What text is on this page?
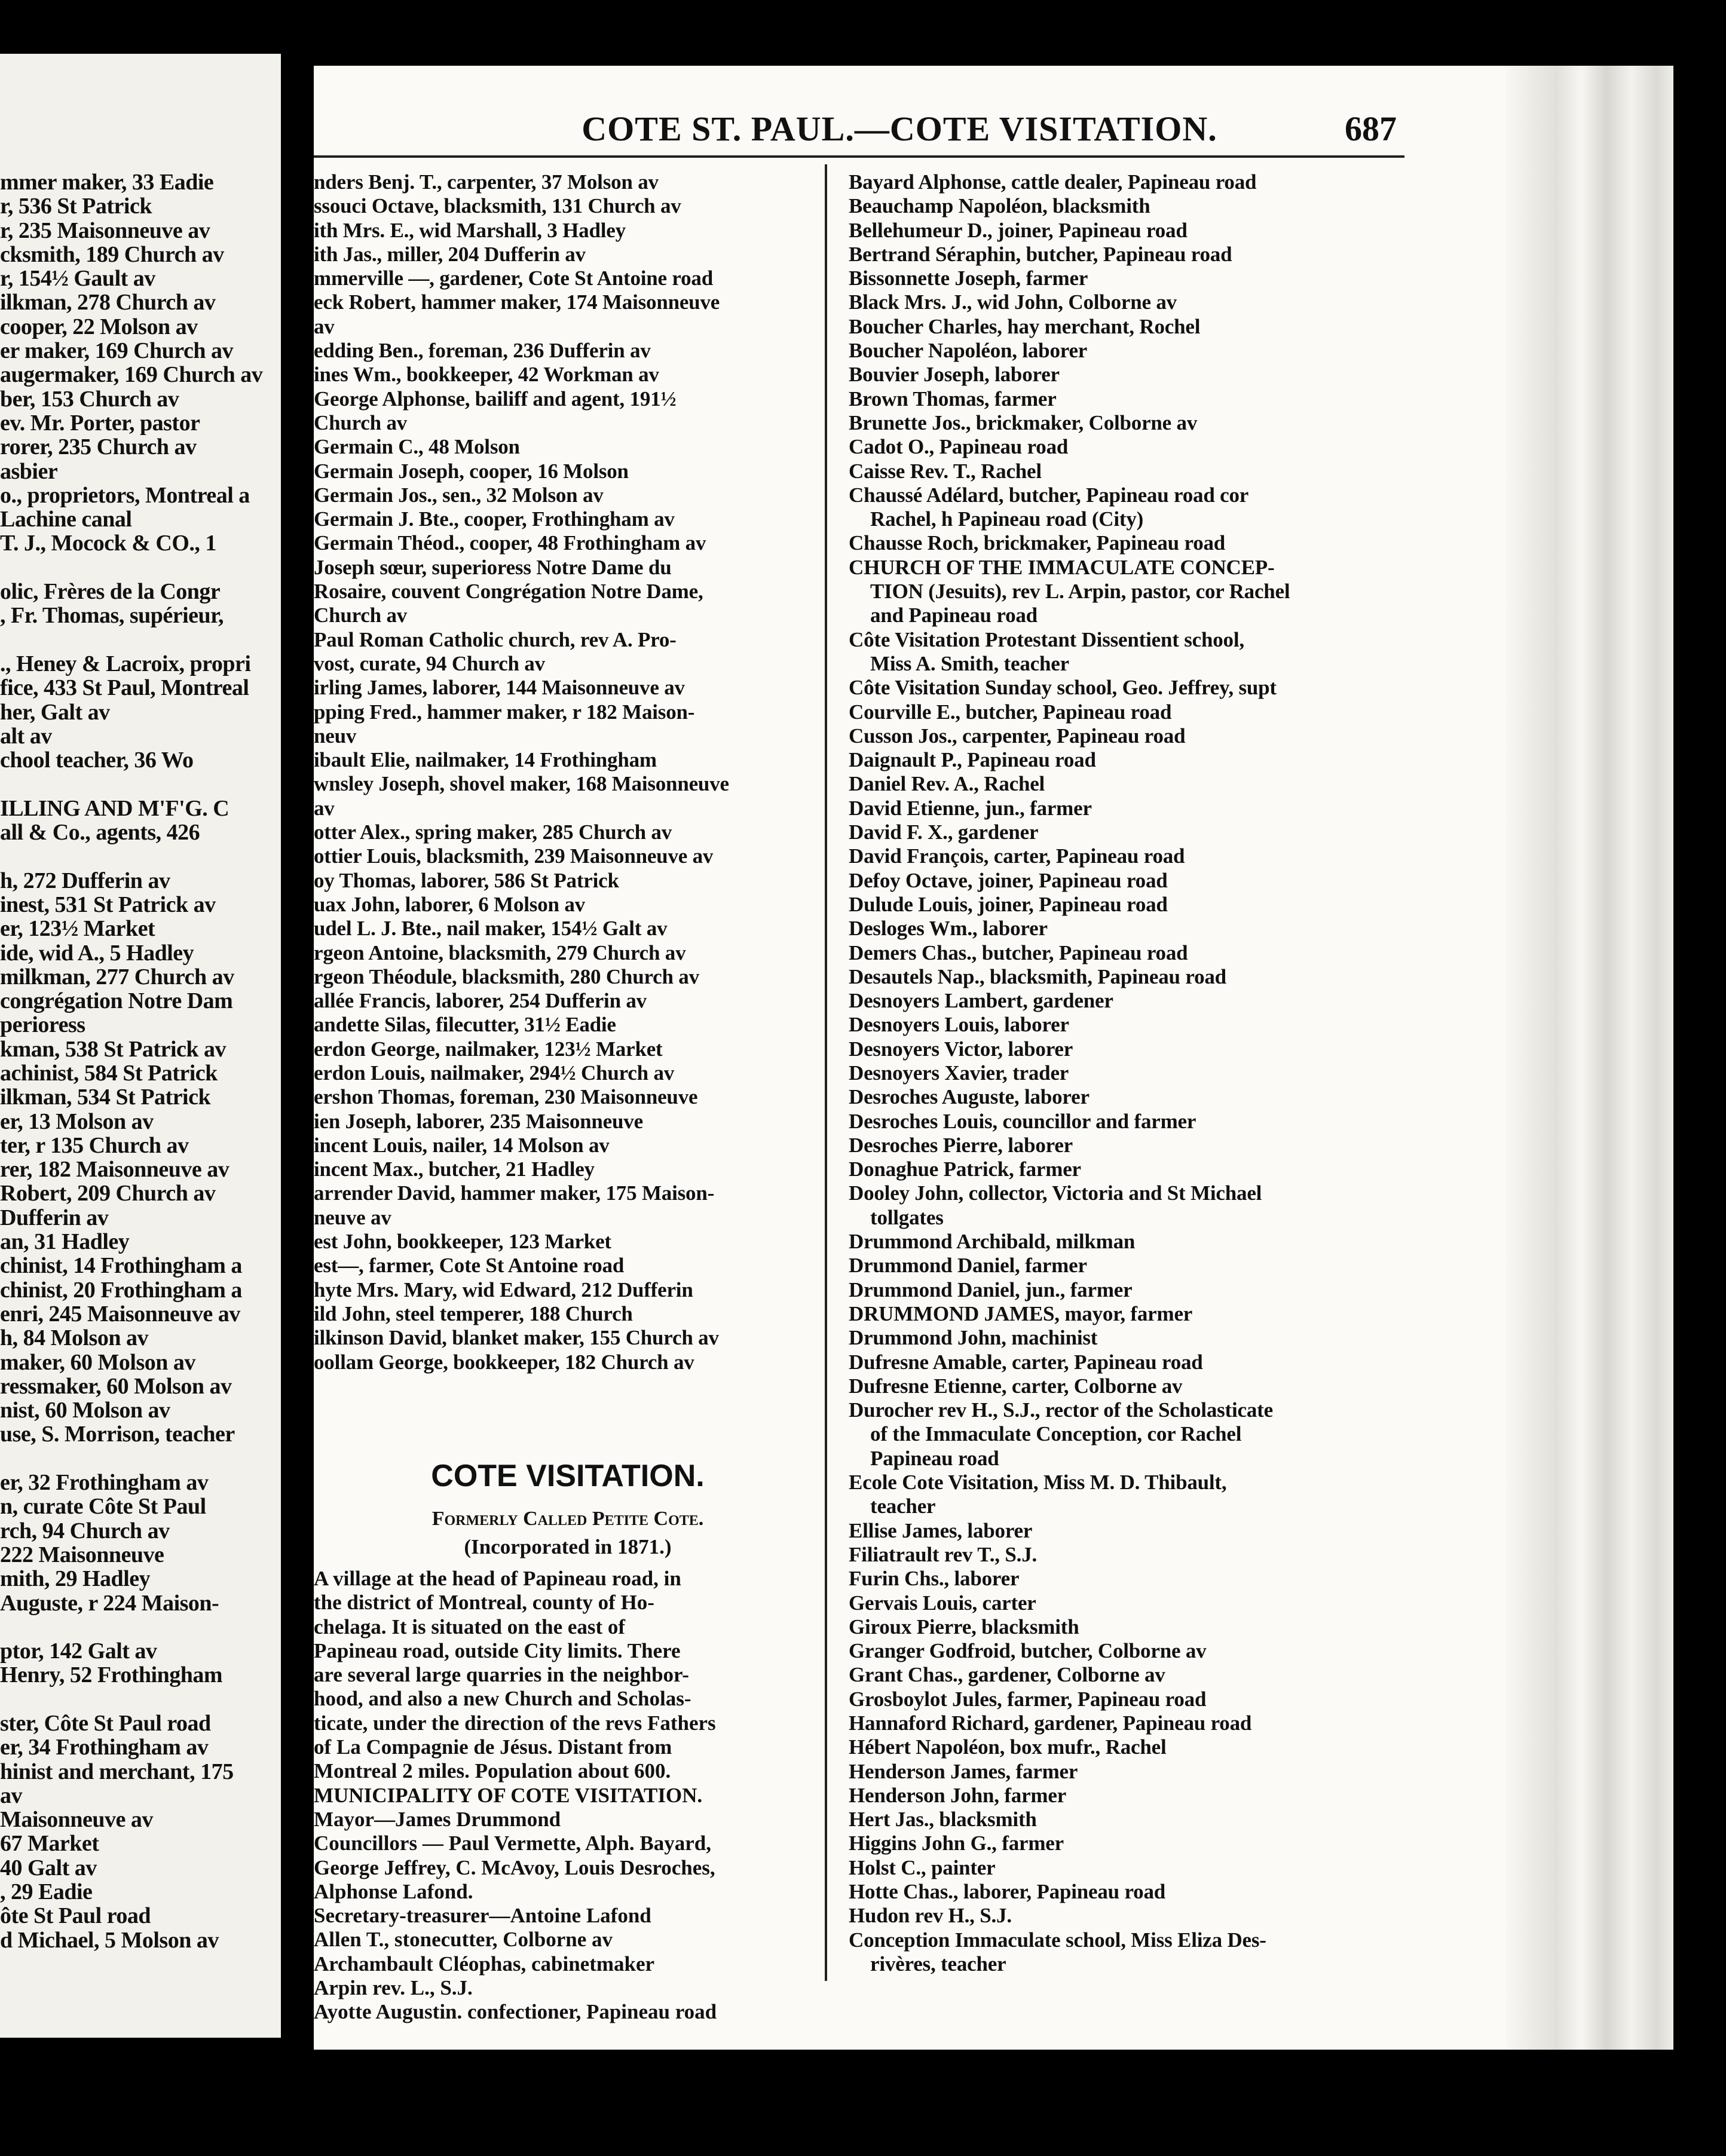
mmer maker, 33 Eadie
r, 536 St Patrick
r, 235 Maisonneuve av
cksmith, 189 Church av
r, 154½ Gault av
ilkman, 278 Church av
cooper, 22 Molson av
er maker, 169 Church av
augermaker, 169 Church av
ber, 153 Church av
ev. Mr. Porter, pastor
rorer, 235 Church av
asbier
o., proprietors, Montreal a
Lachine canal
T. J., Mocock & CO., 1
olic, Frères de la Congr
, Fr. Thomas, supérieur,
., Heney & Lacroix, propri
fice, 433 St Paul, Montreal
her, Galt av
alt av
chool teacher, 36 Wo
ILLING AND M'F'G. C
all & Co., agents, 426
h, 272 Dufferin av
inest, 531 St Patrick av
er, 123½ Market
ide, wid A., 5 Hadley
milkman, 277 Church av
congrégation Notre Dam
perioress
kman, 538 St Patrick av
achinist, 584 St Patrick
ilkman, 534 St Patrick
er, 13 Molson av
ter, r 135 Church av
rer, 182 Maisonneuve av
Robert, 209 Church av
Dufferin av
an, 31 Hadley
chinist, 14 Frothingham a
chinist, 20 Frothingham a
enri, 245 Maisonneuve av
h, 84 Molson av
maker, 60 Molson av
ressmaker, 60 Molson av
nist, 60 Molson av
use, S. Morrison, teacher
er, 32 Frothingham av
n, curate Côte St Paul
rch, 94 Church av
222 Maisonneuve
mith, 29 Hadley
Auguste, r 224 Maison-
ptor, 142 Galt av
Henry, 52 Frothingham
ster, Côte St Paul road
er, 34 Frothingham av
hinist and merchant, 175
av
Maisonneuve av
67 Market
40 Galt av
, 29 Eadie
ôte St Paul road
d Michael, 5 Molson av
COTE ST. PAUL.—COTE VISITATION.	687
nders Benj. T., carpenter, 37 Molson av
ssouci Octave, blacksmith, 131 Church av
ith Mrs. E., wid Marshall, 3 Hadley
ith Jas., miller, 204 Dufferin av
mmerville —, gardener, Cote St Antoine road
eck Robert, hammer maker, 174 Maisonneuve
av
edding Ben., foreman, 236 Dufferin av
ines Wm., bookkeeper, 42 Workman av
George Alphonse, bailiff and agent, 191½
Church av
Germain C., 48 Molson
Germain Joseph, cooper, 16 Molson
Germain Jos., sen., 32 Molson av
Germain J. Bte., cooper, Frothingham av
Germain Théod., cooper, 48 Frothingham av
Joseph sœur, superioress Notre Dame du
Rosaire, couvent Congrégation Notre Dame,
Church av
Paul Roman Catholic church, rev A. Pro-
vost, curate, 94 Church av
irling James, laborer, 144 Maisonneuve av
pping Fred., hammer maker, r 182 Maison-
neuv
ibault Elie, nailmaker, 14 Frothingham
wnsley Joseph, shovel maker, 168 Maisonneuve
av
otter Alex., spring maker, 285 Church av
ottier Louis, blacksmith, 239 Maisonneuve av
oy Thomas, laborer, 586 St Patrick
uax John, laborer, 6 Molson av
udel L. J. Bte., nail maker, 154½ Galt av
rgeon Antoine, blacksmith, 279 Church av
rgeon Théodule, blacksmith, 280 Church av
allée Francis, laborer, 254 Dufferin av
andette Silas, filecutter, 31½ Eadie
erdon George, nailmaker, 123½ Market
erdon Louis, nailmaker, 294½ Church av
ershon Thomas, foreman, 230 Maisonneuve
ien Joseph, laborer, 235 Maisonneuve
incent Louis, nailer, 14 Molson av
incent Max., butcher, 21 Hadley
arrender David, hammer maker, 175 Maison-
neuve av
est John, bookkeeper, 123 Market
est—, farmer, Cote St Antoine road
hyte Mrs. Mary, wid Edward, 212 Dufferin
ild John, steel temperer, 188 Church
ilkinson David, blanket maker, 155 Church av
oollam George, bookkeeper, 182 Church av
COTE VISITATION.
Formerly Called Petite Cote.
(Incorporated in 1871.)
A village at the head of Papineau road, in
the district of Montreal, county of Ho-
chelaga. It is situated on the east of
Papineau road, outside City limits. There
are several large quarries in the neighbor-
hood, and also a new Church and Scholas-
ticate, under the direction of the revs Fathers
of La Compagnie de Jésus. Distant from
Montreal 2 miles. Population about 600.
MUNICIPALITY OF COTE VISITATION.
Mayor—James Drummond
Councillors — Paul Vermette, Alph. Bayard,
George Jeffrey, C. McAvoy, Louis Desroches,
Alphonse Lafond.
Secretary-treasurer—Antoine Lafond
Allen T., stonecutter, Colborne av
Archambault Cléophas, cabinetmaker
Arpin rev. L., S.J.
Ayotte Augustin. confectioner, Papineau road
Bayard Alphonse, cattle dealer, Papineau road
Beauchamp Napoléon, blacksmith
Bellehumeur D., joiner, Papineau road
Bertrand Séraphin, butcher, Papineau road
Bissonnette Joseph, farmer
Black Mrs. J., wid John, Colborne av
Boucher Charles, hay merchant, Rochel
Boucher Napoléon, laborer
Bouvier Joseph, laborer
Brown Thomas, farmer
Brunette Jos., brickmaker, Colborne av
Cadot O., Papineau road
Caisse Rev. T., Rachel
Chaussé Adélard, butcher, Papineau road cor
Rachel, h Papineau road (City)
Chausse Roch, brickmaker, Papineau road
CHURCH OF THE IMMACULATE CONCEP-
TION (Jesuits), rev L. Arpin, pastor, cor Rachel
and Papineau road
Côte Visitation Protestant Dissentient school,
Miss A. Smith, teacher
Côte Visitation Sunday school, Geo. Jeffrey, supt
Courville E., butcher, Papineau road
Cusson Jos., carpenter, Papineau road
Daignault P., Papineau road
Daniel Rev. A., Rachel
David Etienne, jun., farmer
David F. X., gardener
David François, carter, Papineau road
Defoy Octave, joiner, Papineau road
Dulude Louis, joiner, Papineau road
Desloges Wm., laborer
Demers Chas., butcher, Papineau road
Desautels Nap., blacksmith, Papineau road
Desnoyers Lambert, gardener
Desnoyers Louis, laborer
Desnoyers Victor, laborer
Desnoyers Xavier, trader
Desroches Auguste, laborer
Desroches Louis, councillor and farmer
Desroches Pierre, laborer
Donaghue Patrick, farmer
Dooley John, collector, Victoria and St Michael
tollgates
Drummond Archibald, milkman
Drummond Daniel, farmer
Drummond Daniel, jun., farmer
DRUMMOND JAMES, mayor, farmer
Drummond John, machinist
Dufresne Amable, carter, Papineau road
Dufresne Etienne, carter, Colborne av
Durocher rev H., S.J., rector of the Scholasticate
of the Immaculate Conception, cor Rachel
Papineau road
Ecole Cote Visitation, Miss M. D. Thibault,
teacher
Ellise James, laborer
Filiatrault rev T., S.J.
Furin Chs., laborer
Gervais Louis, carter
Giroux Pierre, blacksmith
Granger Godfroid, butcher, Colborne av
Grant Chas., gardener, Colborne av
Grosboylot Jules, farmer, Papineau road
Hannaford Richard, gardener, Papineau road
Hébert Napoléon, box mufr., Rachel
Henderson James, farmer
Henderson John, farmer
Hert Jas., blacksmith
Higgins John G., farmer
Holst C., painter
Hotte Chas., laborer, Papineau road
Hudon rev H., S.J.
Conception Immaculate school, Miss Eliza Des-
rivères, teacher
